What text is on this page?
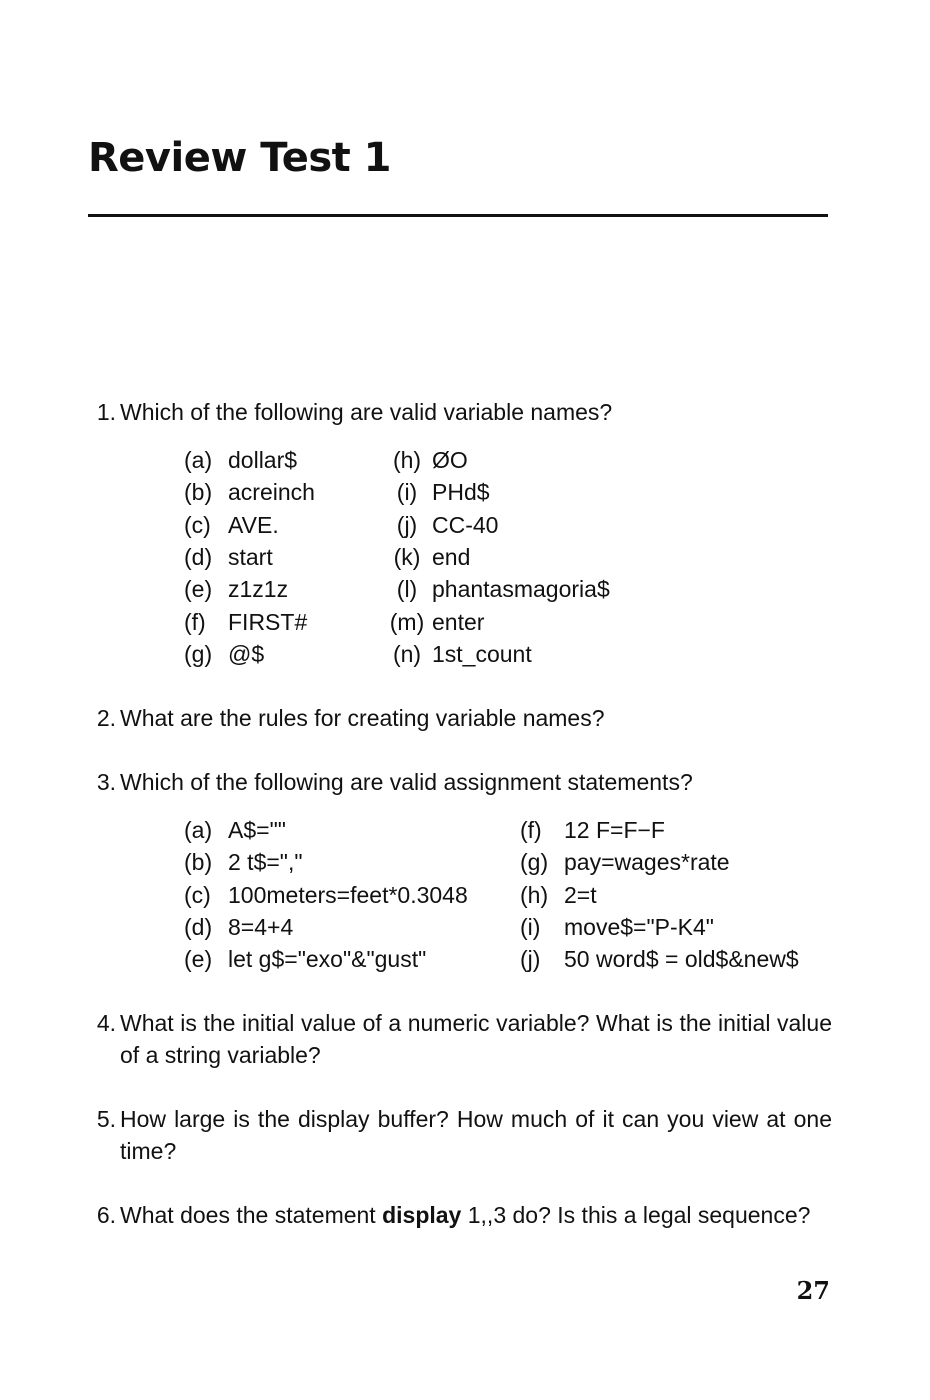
Review Test 1
1. Which of the following are valid variable names?
(a) dollar$
(b) acreinch
(c) AVE.
(d) start
(e) z1z1z
(f) FIRST#
(g) @$
(h) ØO
(i) PHd$
(j) CC-40
(k) end
(l) phantasmagoria$
(m) enter
(n) 1st_count
2. What are the rules for creating variable names?
3. Which of the following are valid assignment statements?
(a) A$=""
(b) 2 t$=","
(c) 100meters=feet*0.3048
(d) 8=4+4
(e) let g$="exo"&"gust"
(f) 12 F=F−F
(g) pay=wages*rate
(h) 2=t
(i) move$="P-K4"
(j) 50 word$ = old$&new$
4. What is the initial value of a numeric variable? What is the initial value of a string variable?
5. How large is the display buffer? How much of it can you view at one time?
6. What does the statement display 1,,3 do? Is this a legal sequence?
27
